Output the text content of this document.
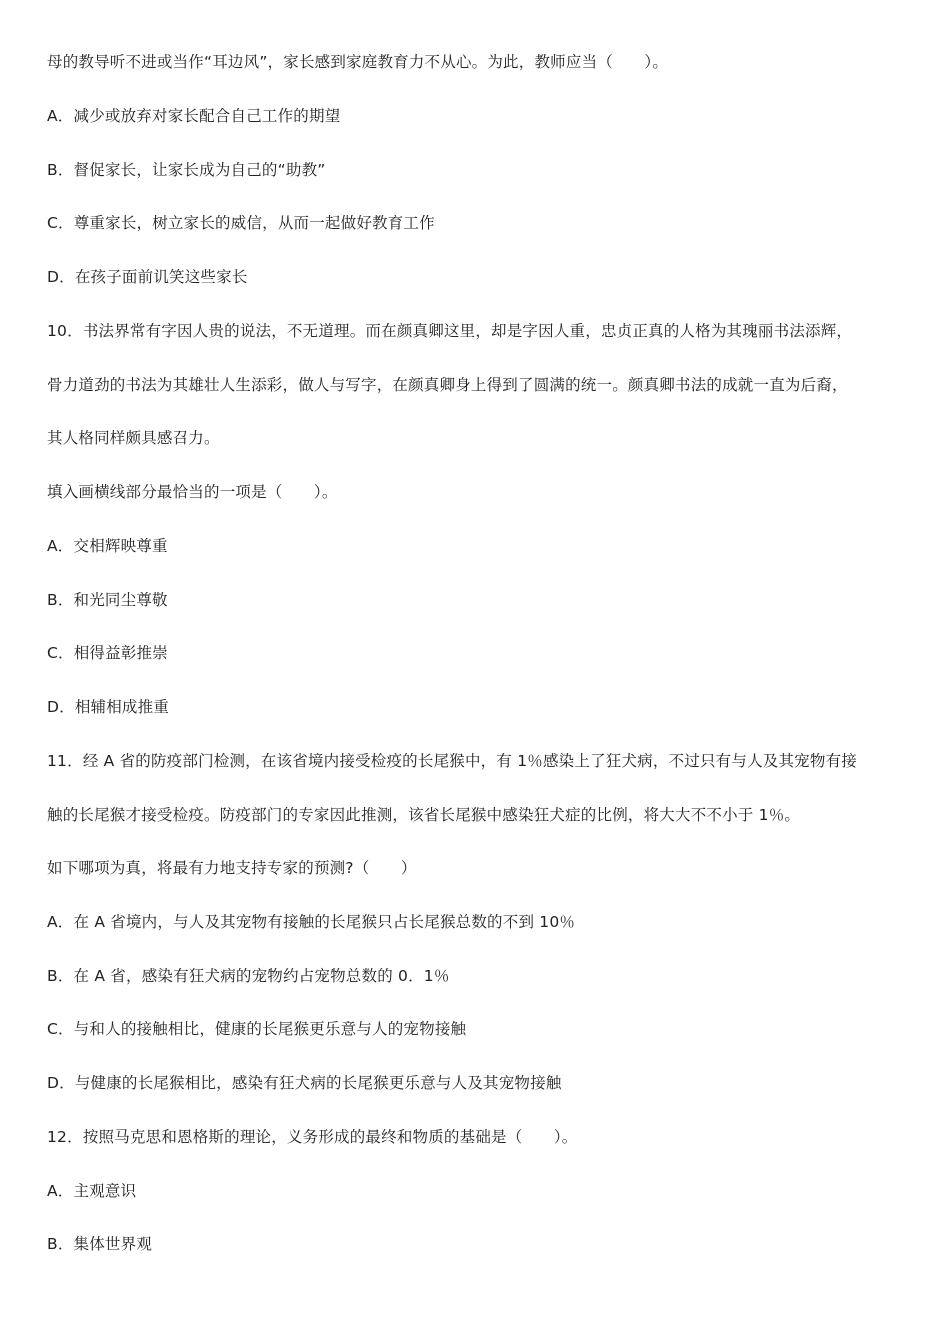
母的教导听不进或当作“耳边风”，家长感到家庭教育力不从心。为此，教师应当（　　）。
A．减少或放弃对家长配合自己工作的期望
B．督促家长，让家长成为自己的“助教”
C．尊重家长，树立家长的威信，从而一起做好教育工作
D．在孩子面前讥笑这些家长
10．书法界常有字因人贵的说法，不无道理。而在颜真卿这里，却是字因人重，忠贞正真的人格为其瑰丽书法添辉，
骨力道劲的书法为其雄壮人生添彩，做人与写字，在颜真卿身上得到了圆满的统一。颜真卿书法的成就一直为后裔，
其人格同样颇具感召力。
填入画横线部分最恰当的一项是（　　）。
A．交相辉映尊重
B．和光同尘尊敬
C．相得益彰推崇
D．相辅相成推重
11．经 A 省的防疫部门检测，在该省境内接受检疫的长尾猴中，有 1％感染上了狂犬病，不过只有与人及其宠物有接
触的长尾猴才接受检疫。防疫部门的专家因此推测，该省长尾猴中感染狂犬症的比例，将大大不不小于 1％。
如下哪项为真，将最有力地支持专家的预测?（　　）
A．在 A 省境内，与人及其宠物有接触的长尾猴只占长尾猴总数的不到 10％
B．在 A 省，感染有狂犬病的宠物约占宠物总数的 0．1％
C．与和人的接触相比，健康的长尾猴更乐意与人的宠物接触
D．与健康的长尾猴相比，感染有狂犬病的长尾猴更乐意与人及其宠物接触
12．按照马克思和恩格斯的理论，义务形成的最终和物质的基础是（　　）。
A．主观意识
B．集体世界观
